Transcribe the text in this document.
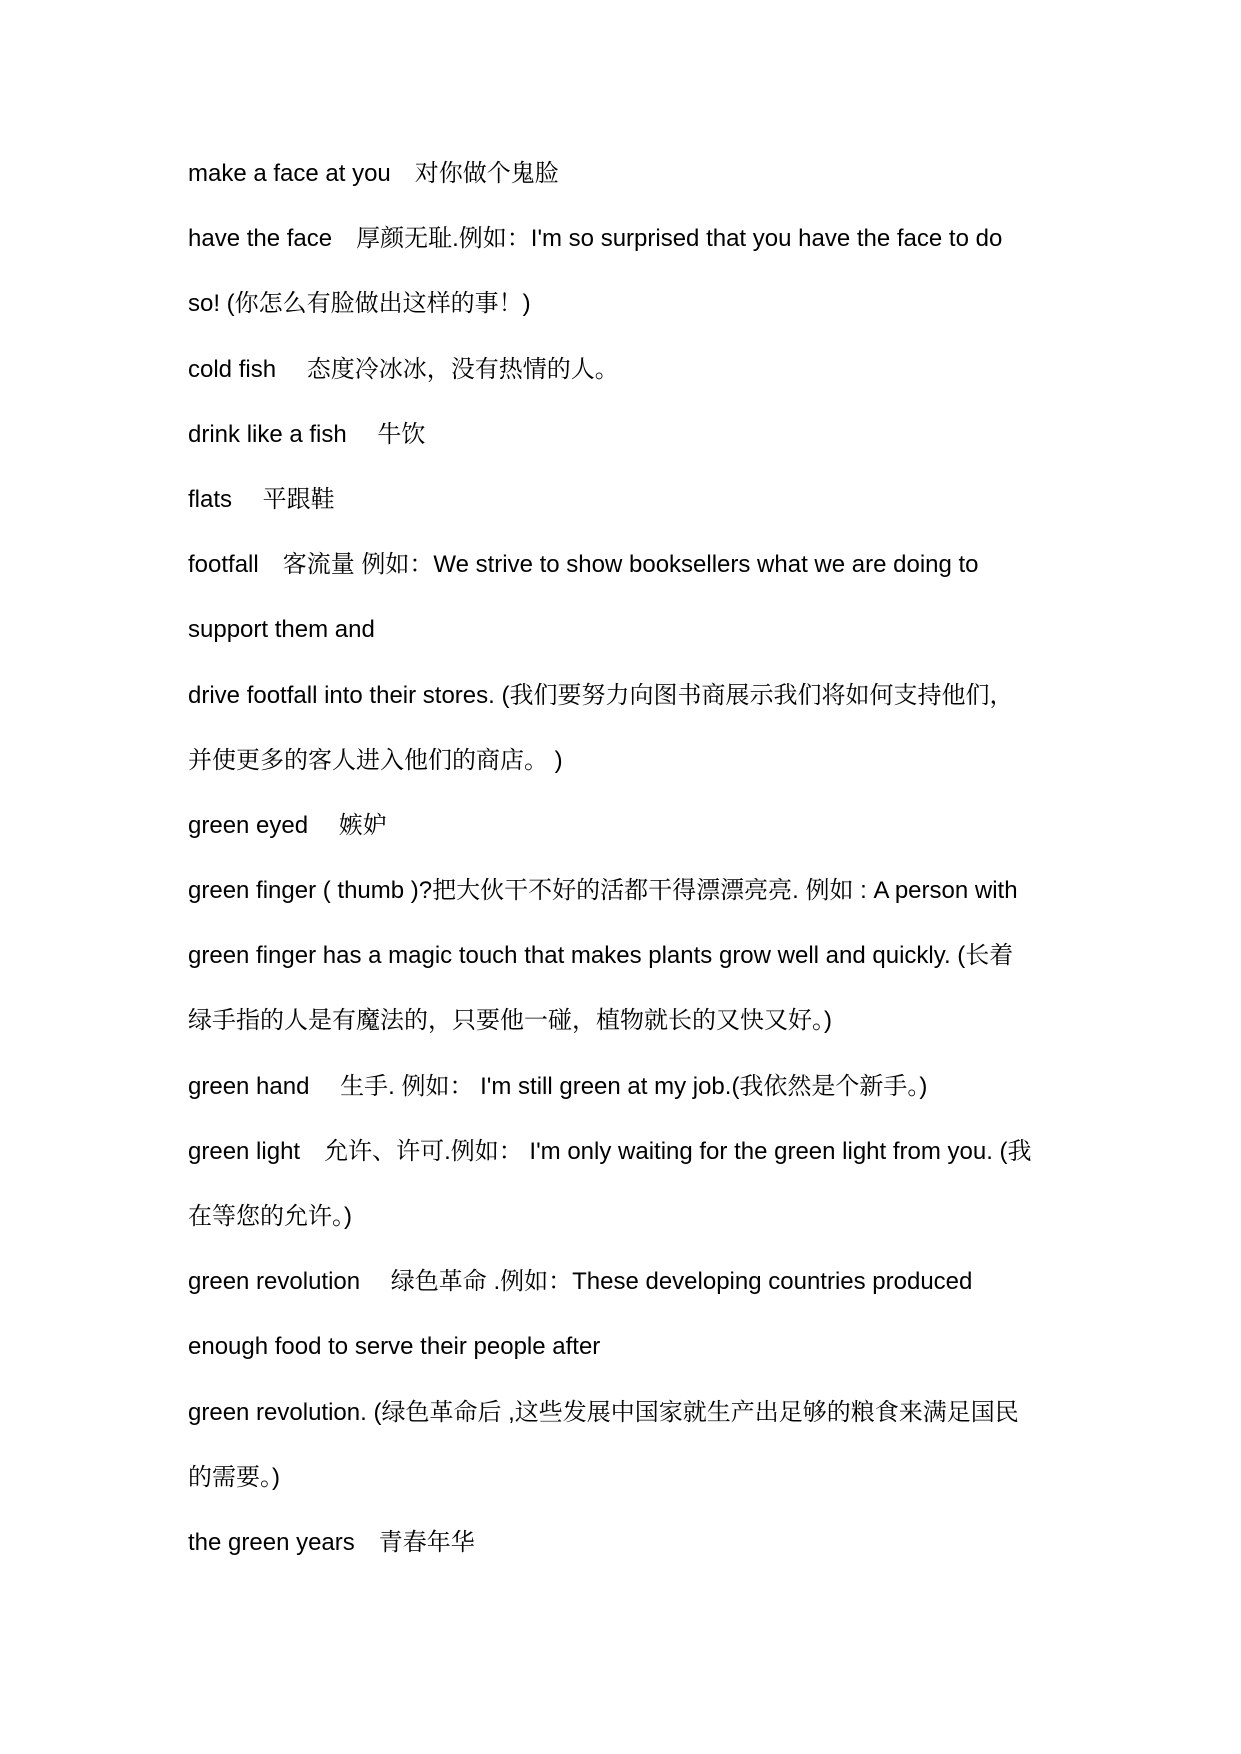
make a face at you　对你做个鬼脸
have the face　厚颜无耻.例如：I'm so surprised that you have the face to do
so! (你怎么有脸做出这样的事！)
cold fish　 态度冷冰冰，没有热情的人。
drink like a fish　 牛饮
flats　 平跟鞋
footfall　客流量 例如：We strive to show booksellers what we are doing to
support them and
drive footfall into their stores. (我们要努力向图书商展示我们将如何支持他们，
并使更多的客人进入他们的商店。 )
green eyed　 嫉妒
green finger ( thumb )?把大伙干不好的活都干得漂漂亮亮. 例如 : A person with
green finger has a magic touch that makes plants grow well and quickly. (长着
绿手指的人是有魔法的，只要他一碰，植物就长的又快又好。)
green hand　 生手. 例如： I'm still green at my job.(我依然是个新手。)
green light　允许、许可.例如： I'm only waiting for the green light from you. (我
在等您的允许。)
green revolution　 绿色革命 .例如：These developing countries produced
enough food to serve their people after
green revolution. (绿色革命后 ,这些发展中国家就生产出足够的粮食来满足国民
的需要。)
the green years　青春年华
